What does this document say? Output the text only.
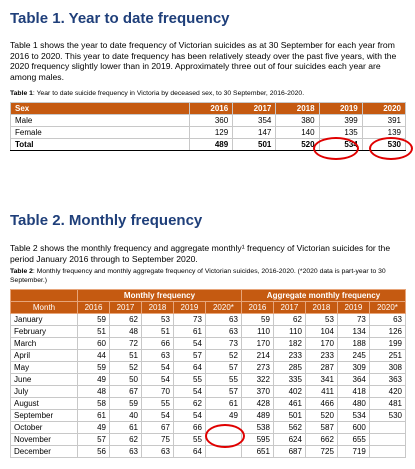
Table 1. Year to date frequency

Table 1 shows the year to date frequency of Victorian suicides as at 30 September for each year from 2016 to 2020. This year to date frequency has been relatively steady over the past five years, with the 2020 frequency slightly lower than in 2019. Approximately three out of four suicides each year are among males.

Table 1: Year to date suicide frequency in Victoria by deceased sex, to 30 September, 2016-2020.

Sex	2016	2017	2018	2019	2020
Male	360	354	380	399	391
Female	129	147	140	135	139
Total	489	501	520	534	530
Table 2. Monthly frequency

Table 2 shows the monthly frequency and aggregate monthly¹ frequency of Victorian suicides for the period January 2016 through to September 2020.

Table 2: Monthly frequency and monthly aggregate frequency of Victorian suicides, 2016-2020. (*2020 data is part-year to 30 September.)

	Monthly frequency					Aggregate monthly frequency				
Month	2016	2017	2018	2019	2020*	2016	2017	2018	2019	2020*
January	59	62	53	73	63	59	62	53	73	63
February	51	48	51	61	63	110	110	104	134	126
March	60	72	66	54	73	170	182	170	188	199
April	44	51	63	57	52	214	233	233	245	251
May	59	52	54	64	57	273	285	287	309	308
June	49	50	54	55	55	322	335	341	364	363
July	48	67	70	54	57	370	402	411	418	420
August	58	59	55	62	61	428	461	466	480	481
September	61	40	54	54	49	489	501	520	534	530
October	49	61	67	66		538	562	587	600	
November	57	62	75	55		595	624	662	655	
December	56	63	63	64		651	687	725	719	
